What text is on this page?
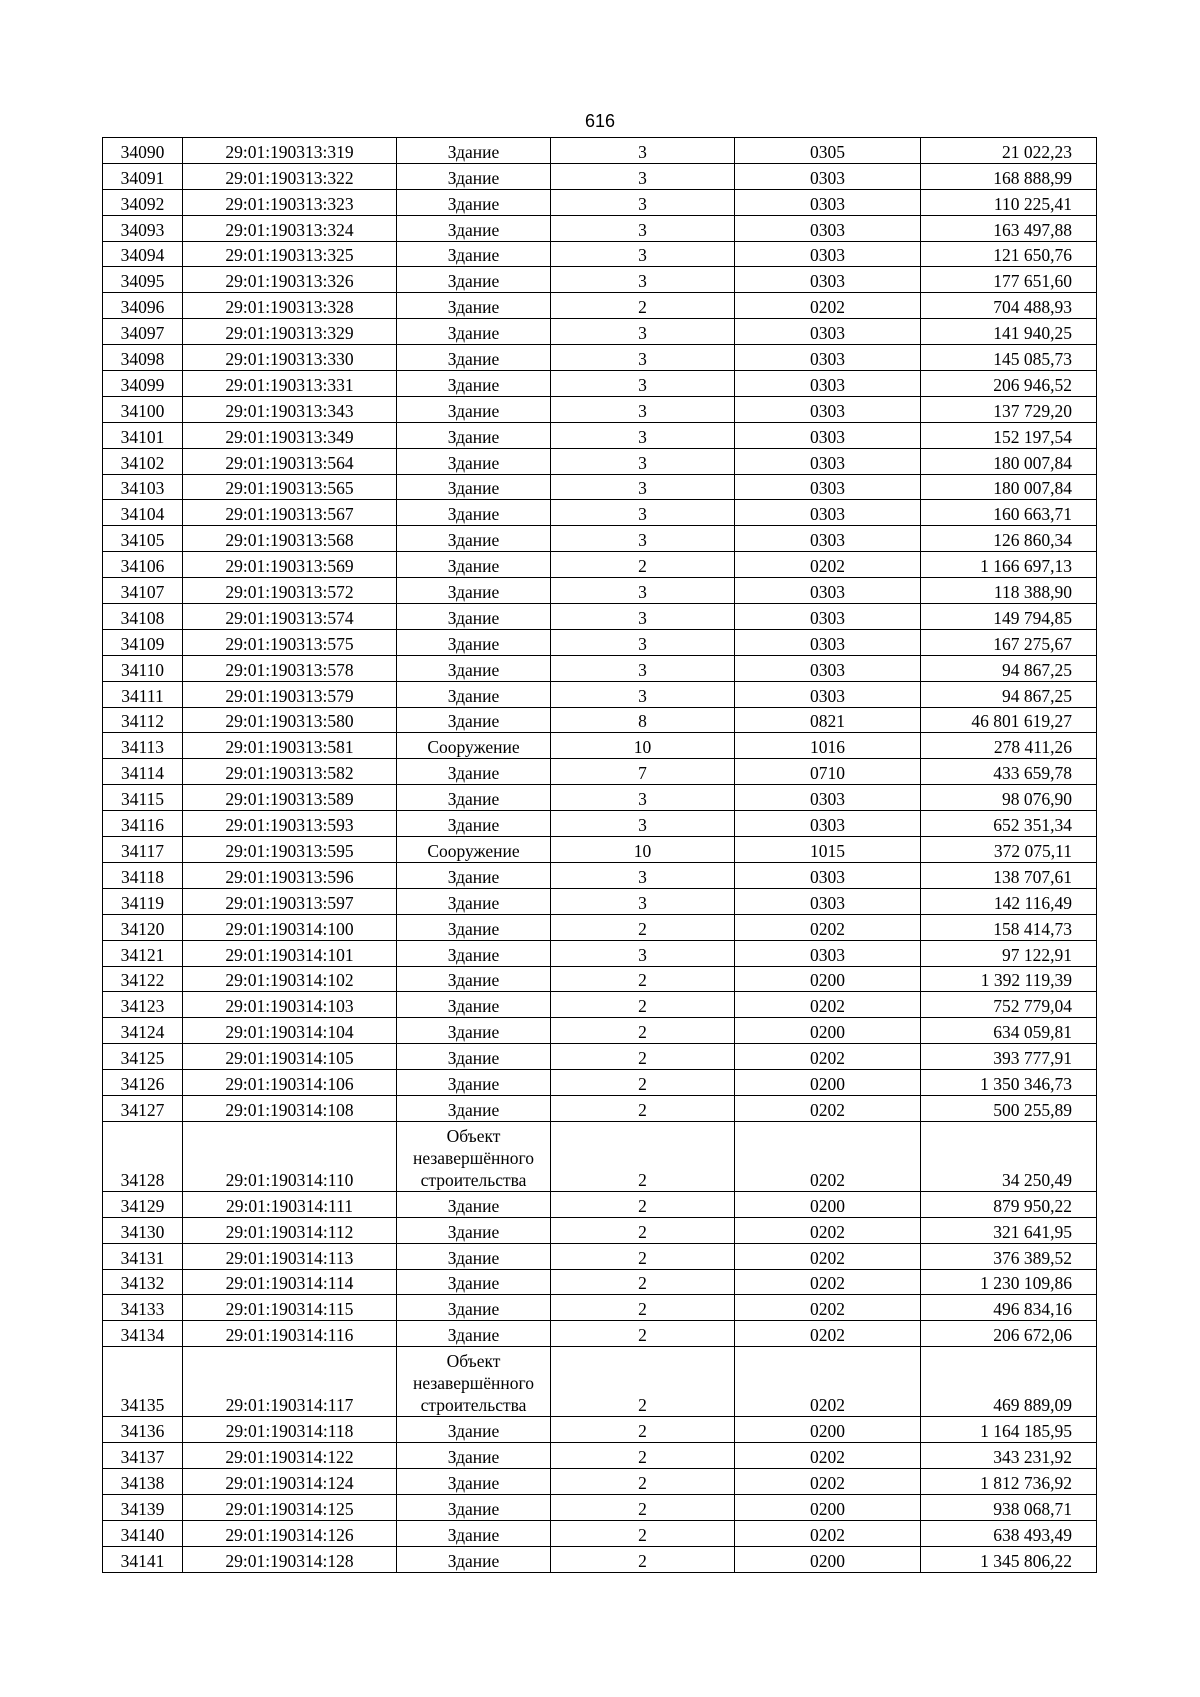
616
34090	29:01:190313:319	Здание	3	0305	21 022,23
34091	29:01:190313:322	Здание	3	0303	168 888,99
34092	29:01:190313:323	Здание	3	0303	110 225,41
34093	29:01:190313:324	Здание	3	0303	163 497,88
34094	29:01:190313:325	Здание	3	0303	121 650,76
34095	29:01:190313:326	Здание	3	0303	177 651,60
34096	29:01:190313:328	Здание	2	0202	704 488,93
34097	29:01:190313:329	Здание	3	0303	141 940,25
34098	29:01:190313:330	Здание	3	0303	145 085,73
34099	29:01:190313:331	Здание	3	0303	206 946,52
34100	29:01:190313:343	Здание	3	0303	137 729,20
34101	29:01:190313:349	Здание	3	0303	152 197,54
34102	29:01:190313:564	Здание	3	0303	180 007,84
34103	29:01:190313:565	Здание	3	0303	180 007,84
34104	29:01:190313:567	Здание	3	0303	160 663,71
34105	29:01:190313:568	Здание	3	0303	126 860,34
34106	29:01:190313:569	Здание	2	0202	1 166 697,13
34107	29:01:190313:572	Здание	3	0303	118 388,90
34108	29:01:190313:574	Здание	3	0303	149 794,85
34109	29:01:190313:575	Здание	3	0303	167 275,67
34110	29:01:190313:578	Здание	3	0303	94 867,25
34111	29:01:190313:579	Здание	3	0303	94 867,25
34112	29:01:190313:580	Здание	8	0821	46 801 619,27
34113	29:01:190313:581	Сооружение	10	1016	278 411,26
34114	29:01:190313:582	Здание	7	0710	433 659,78
34115	29:01:190313:589	Здание	3	0303	98 076,90
34116	29:01:190313:593	Здание	3	0303	652 351,34
34117	29:01:190313:595	Сооружение	10	1015	372 075,11
34118	29:01:190313:596	Здание	3	0303	138 707,61
34119	29:01:190313:597	Здание	3	0303	142 116,49
34120	29:01:190314:100	Здание	2	0202	158 414,73
34121	29:01:190314:101	Здание	3	0303	97 122,91
34122	29:01:190314:102	Здание	2	0200	1 392 119,39
34123	29:01:190314:103	Здание	2	0202	752 779,04
34124	29:01:190314:104	Здание	2	0200	634 059,81
34125	29:01:190314:105	Здание	2	0202	393 777,91
34126	29:01:190314:106	Здание	2	0200	1 350 346,73
34127	29:01:190314:108	Здание	2	0202	500 255,89
34128	29:01:190314:110	Объект незавершённого строительства	2	0202	34 250,49
34129	29:01:190314:111	Здание	2	0200	879 950,22
34130	29:01:190314:112	Здание	2	0202	321 641,95
34131	29:01:190314:113	Здание	2	0202	376 389,52
34132	29:01:190314:114	Здание	2	0202	1 230 109,86
34133	29:01:190314:115	Здание	2	0202	496 834,16
34134	29:01:190314:116	Здание	2	0202	206 672,06
34135	29:01:190314:117	Объект незавершённого строительства	2	0202	469 889,09
34136	29:01:190314:118	Здание	2	0200	1 164 185,95
34137	29:01:190314:122	Здание	2	0202	343 231,92
34138	29:01:190314:124	Здание	2	0202	1 812 736,92
34139	29:01:190314:125	Здание	2	0200	938 068,71
34140	29:01:190314:126	Здание	2	0202	638 493,49
34141	29:01:190314:128	Здание	2	0200	1 345 806,22
